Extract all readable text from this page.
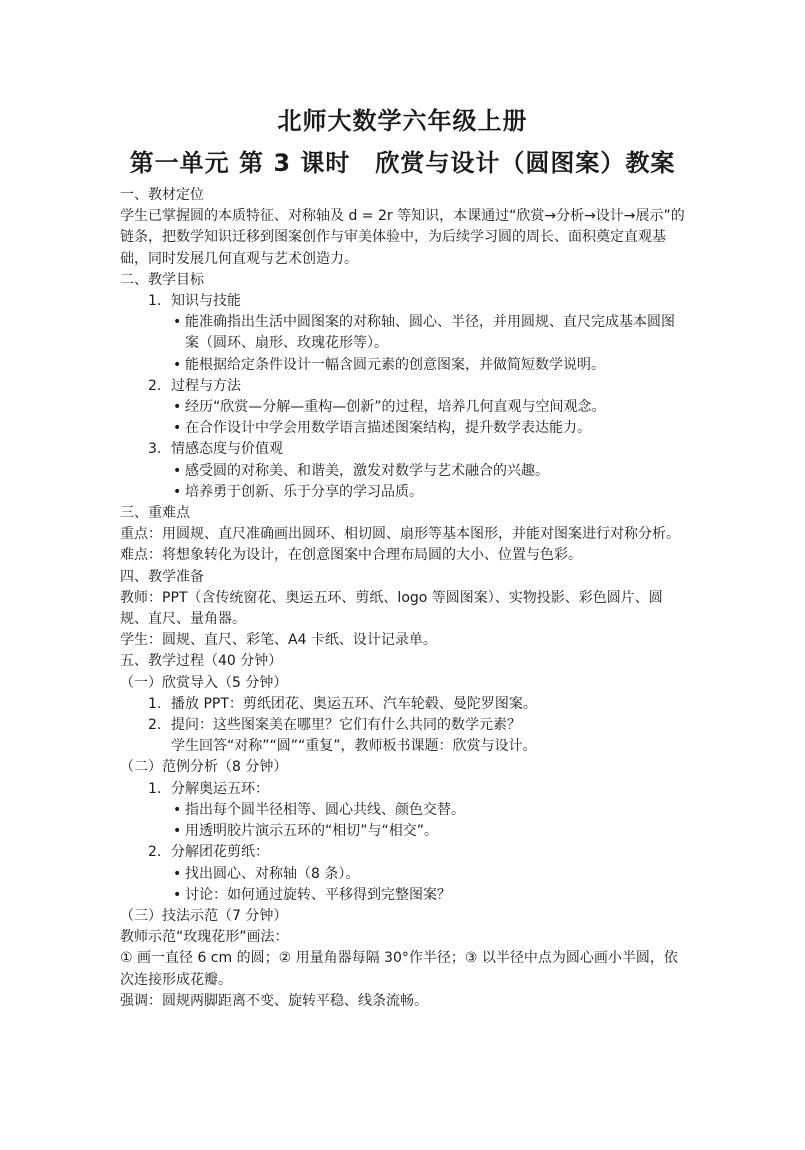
北师大数学六年级上册
第一单元 第 3 课时　欣赏与设计（圆图案）教案
一、教材定位
学生已掌握圆的本质特征、对称轴及 d = 2r 等知识，本课通过“欣赏→分析→设计→展示”的链条，把数学知识迁移到图案创作与审美体验中，为后续学习圆的周长、面积奠定直观基础，同时发展几何直观与艺术创造力。
二、教学目标
1. 知识与技能
• 能准确指出生活中圆图案的对称轴、圆心、半径，并用圆规、直尺完成基本圆图案（圆环、扇形、玫瑰花形等）。
• 能根据给定条件设计一幅含圆元素的创意图案，并做简短数学说明。
2. 过程与方法
• 经历“欣赏—分解—重构—创新”的过程，培养几何直观与空间观念。
• 在合作设计中学会用数学语言描述图案结构，提升数学表达能力。
3. 情感态度与价值观
• 感受圆的对称美、和谐美，激发对数学与艺术融合的兴趣。
• 培养勇于创新、乐于分享的学习品质。
三、重难点
重点：用圆规、直尺准确画出圆环、相切圆、扇形等基本图形，并能对图案进行对称分析。
难点：将想象转化为设计，在创意图案中合理布局圆的大小、位置与色彩。
四、教学准备
教师：PPT（含传统窗花、奥运五环、剪纸、logo 等圆图案）、实物投影、彩色圆片、圆规、直尺、量角器。
学生：圆规、直尺、彩笔、A4 卡纸、设计记录单。
五、教学过程（40 分钟）
（一）欣赏导入（5 分钟）
1. 播放 PPT：剪纸团花、奥运五环、汽车轮毂、曼陀罗图案。
2. 提问：这些图案美在哪里？它们有什么共同的数学元素？
学生回答“对称”“圆”“重复”，教师板书课题：欣赏与设计。
（二）范例分析（8 分钟）
1. 分解奥运五环：
• 指出每个圆半径相等、圆心共线、颜色交替。
• 用透明胶片演示五环的“相切”与“相交”。
2. 分解团花剪纸：
• 找出圆心、对称轴（8 条）。
• 讨论：如何通过旋转、平移得到完整图案？
（三）技法示范（7 分钟）
教师示范“玫瑰花形”画法：
① 画一直径 6 cm 的圆；② 用量角器每隔 30°作半径；③ 以半径中点为圆心画小半圆，依次连接形成花瓣。
强调：圆规两脚距离不变、旋转平稳、线条流畅。
